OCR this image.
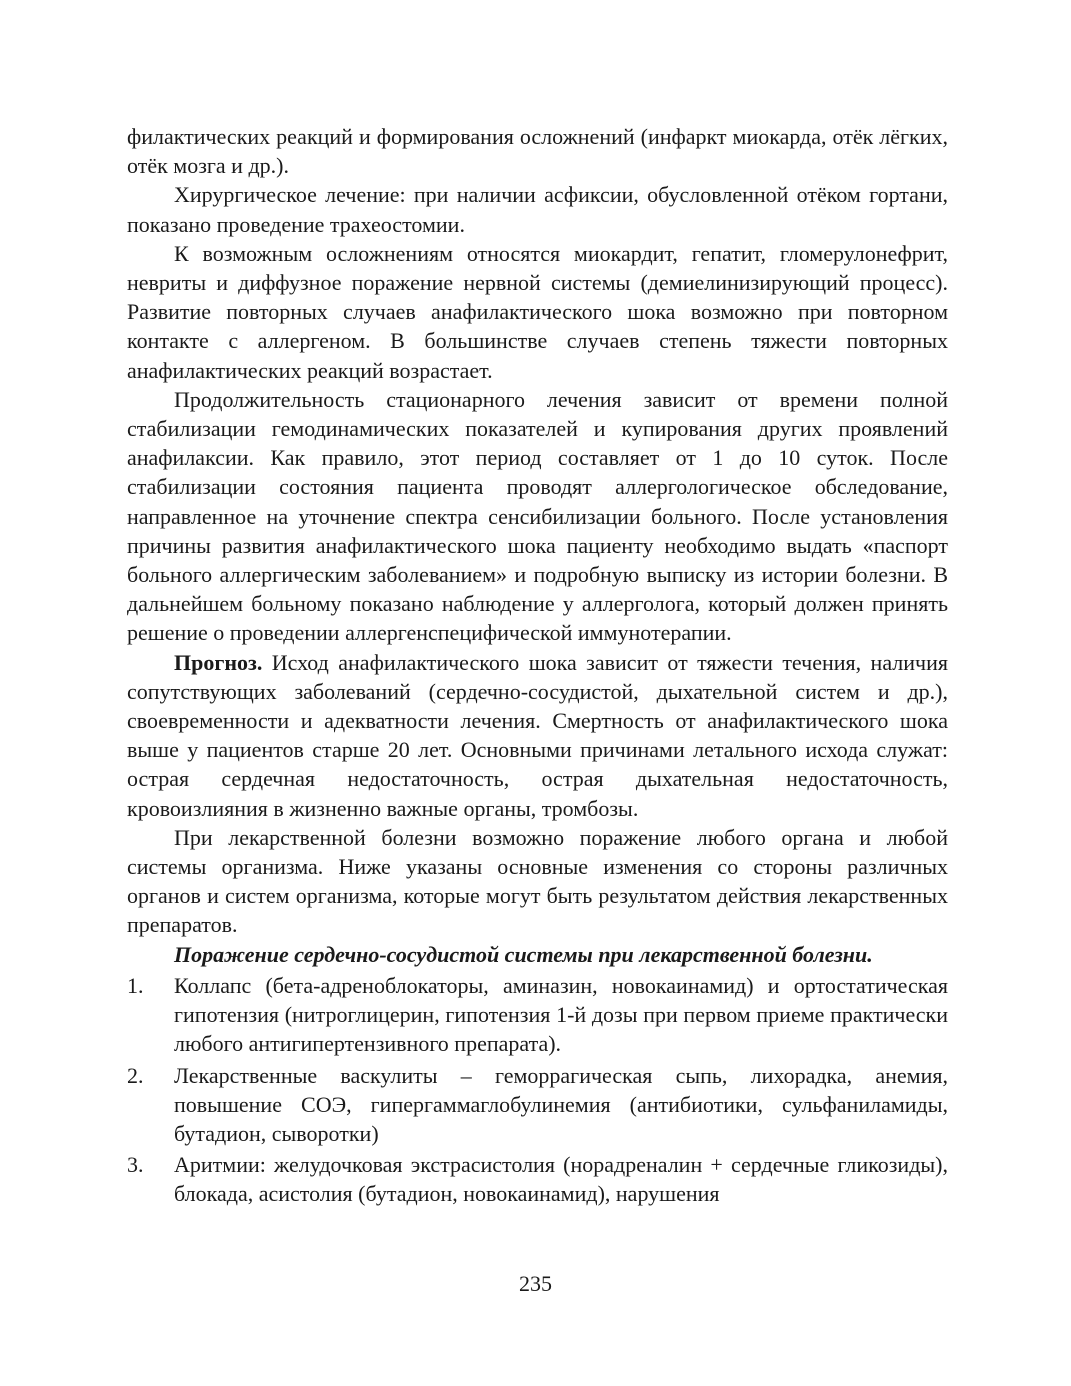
филактических реакций и формирования осложнений (инфаркт миокарда, отёк лёгких, отёк мозга и др.).

Хирургическое лечение: при наличии асфиксии, обусловленной отёком гортани, показано проведение трахеостомии.

К возможным осложнениям относятся миокардит, гепатит, гломерулонефрит, невриты и диффузное поражение нервной системы (демиелинизирующий процесс). Развитие повторных случаев анафилактического шока возможно при повторном контакте с аллергеном. В большинстве случаев степень тяжести повторных анафилактических реакций возрастает.

Продолжительность стационарного лечения зависит от времени полной стабилизации гемодинамических показателей и купирования других проявлений анафилаксии. Как правило, этот период составляет от 1 до 10 суток. После стабилизации состояния пациента проводят аллергологическое обследование, направленное на уточнение спектра сенсибилизации больного. После установления причины развития анафилактического шока пациенту необходимо выдать «паспорт больного аллергическим заболеванием» и подробную выписку из истории болезни. В дальнейшем больному показано наблюдение у аллерголога, который должен принять решение о проведении аллергенспецифической иммунотерапии.

Прогноз. Исход анафилактического шока зависит от тяжести течения, наличия сопутствующих заболеваний (сердечно-сосудистой, дыхательной систем и др.), своевременности и адекватности лечения. Смертность от анафилактического шока выше у пациентов старше 20 лет. Основными причинами летального исхода служат: острая сердечная недостаточность, острая дыхательная недостаточность, кровоизлияния в жизненно важные органы, тромбозы.

При лекарственной болезни возможно поражение любого органа и любой системы организма. Ниже указаны основные изменения со стороны различных органов и систем организма, которые могут быть результатом действия лекарственных препаратов.

Поражение сердечно-сосудистой системы при лекарственной болезни.

1. Коллапс (бета-адреноблокаторы, аминазин, новокаинамид) и ортостатическая гипотензия (нитроглицерин, гипотензия 1-й дозы при первом приеме практически любого антигипертензивного препарата).
2. Лекарственные васкулиты – геморрагическая сыпь, лихорадка, анемия, повышение СОЭ, гипергаммаглобулинемия (антибиотики, сульфаниламиды, бутадион, сыворотки)
3. Аритмии: желудочковая экстрасистолия (норадреналин + сердечные гликозиды), блокада, асистолия (бутадион, новокаинамид), нарушения
235
